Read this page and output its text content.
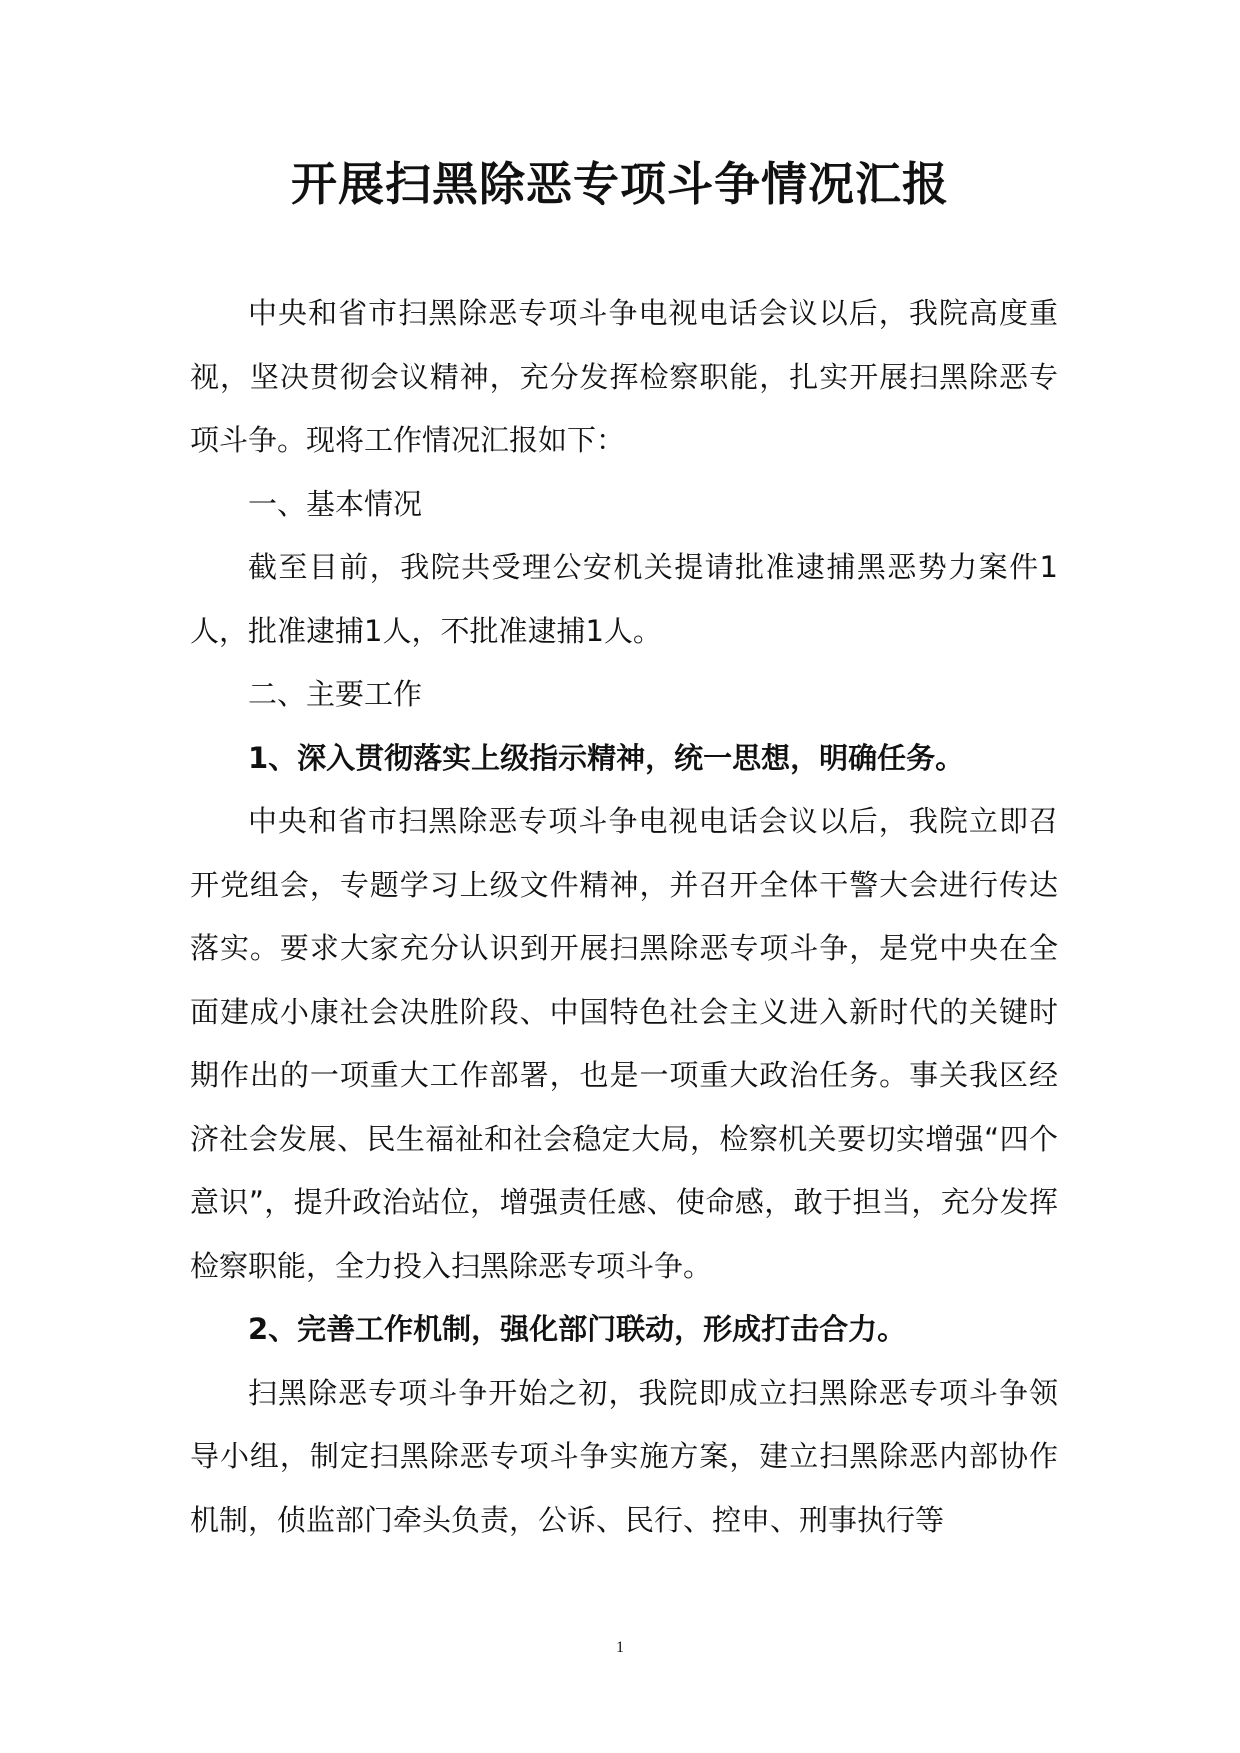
开展扫黑除恶专项斗争情况汇报

中央和省市扫黑除恶专项斗争电视电话会议以后，我院高度重视，坚决贯彻会议精神，充分发挥检察职能，扎实开展扫黑除恶专项斗争。现将工作情况汇报如下：

一、基本情况

截至目前，我院共受理公安机关提请批准逮捕黑恶势力案件1人，批准逮捕1人，不批准逮捕1人。

二、主要工作
1、深入贯彻落实上级指示精神，统一思想，明确任务。

中央和省市扫黑除恶专项斗争电视电话会议以后，我院立即召开党组会，专题学习上级文件精神，并召开全体干警大会进行传达落实。要求大家充分认识到开展扫黑除恶专项斗争，是党中央在全面建成小康社会决胜阶段、中国特色社会主义进入新时代的关键时期作出的一项重大工作部署，也是一项重大政治任务。事关我区经济社会发展、民生福祉和社会稳定大局，检察机关要切实增强“四个意识”，提升政治站位，增强责任感、使命感，敢于担当，充分发挥检察职能，全力投入扫黑除恶专项斗争。

2、完善工作机制，强化部门联动，形成打击合力。

扫黑除恶专项斗争开始之初，我院即成立扫黑除恶专项斗争领导小组，制定扫黑除恶专项斗争实施方案，建立扫黑除恶内部协作机制，侦监部门牵头负责，公诉、民行、控申、刑事执行等

1
